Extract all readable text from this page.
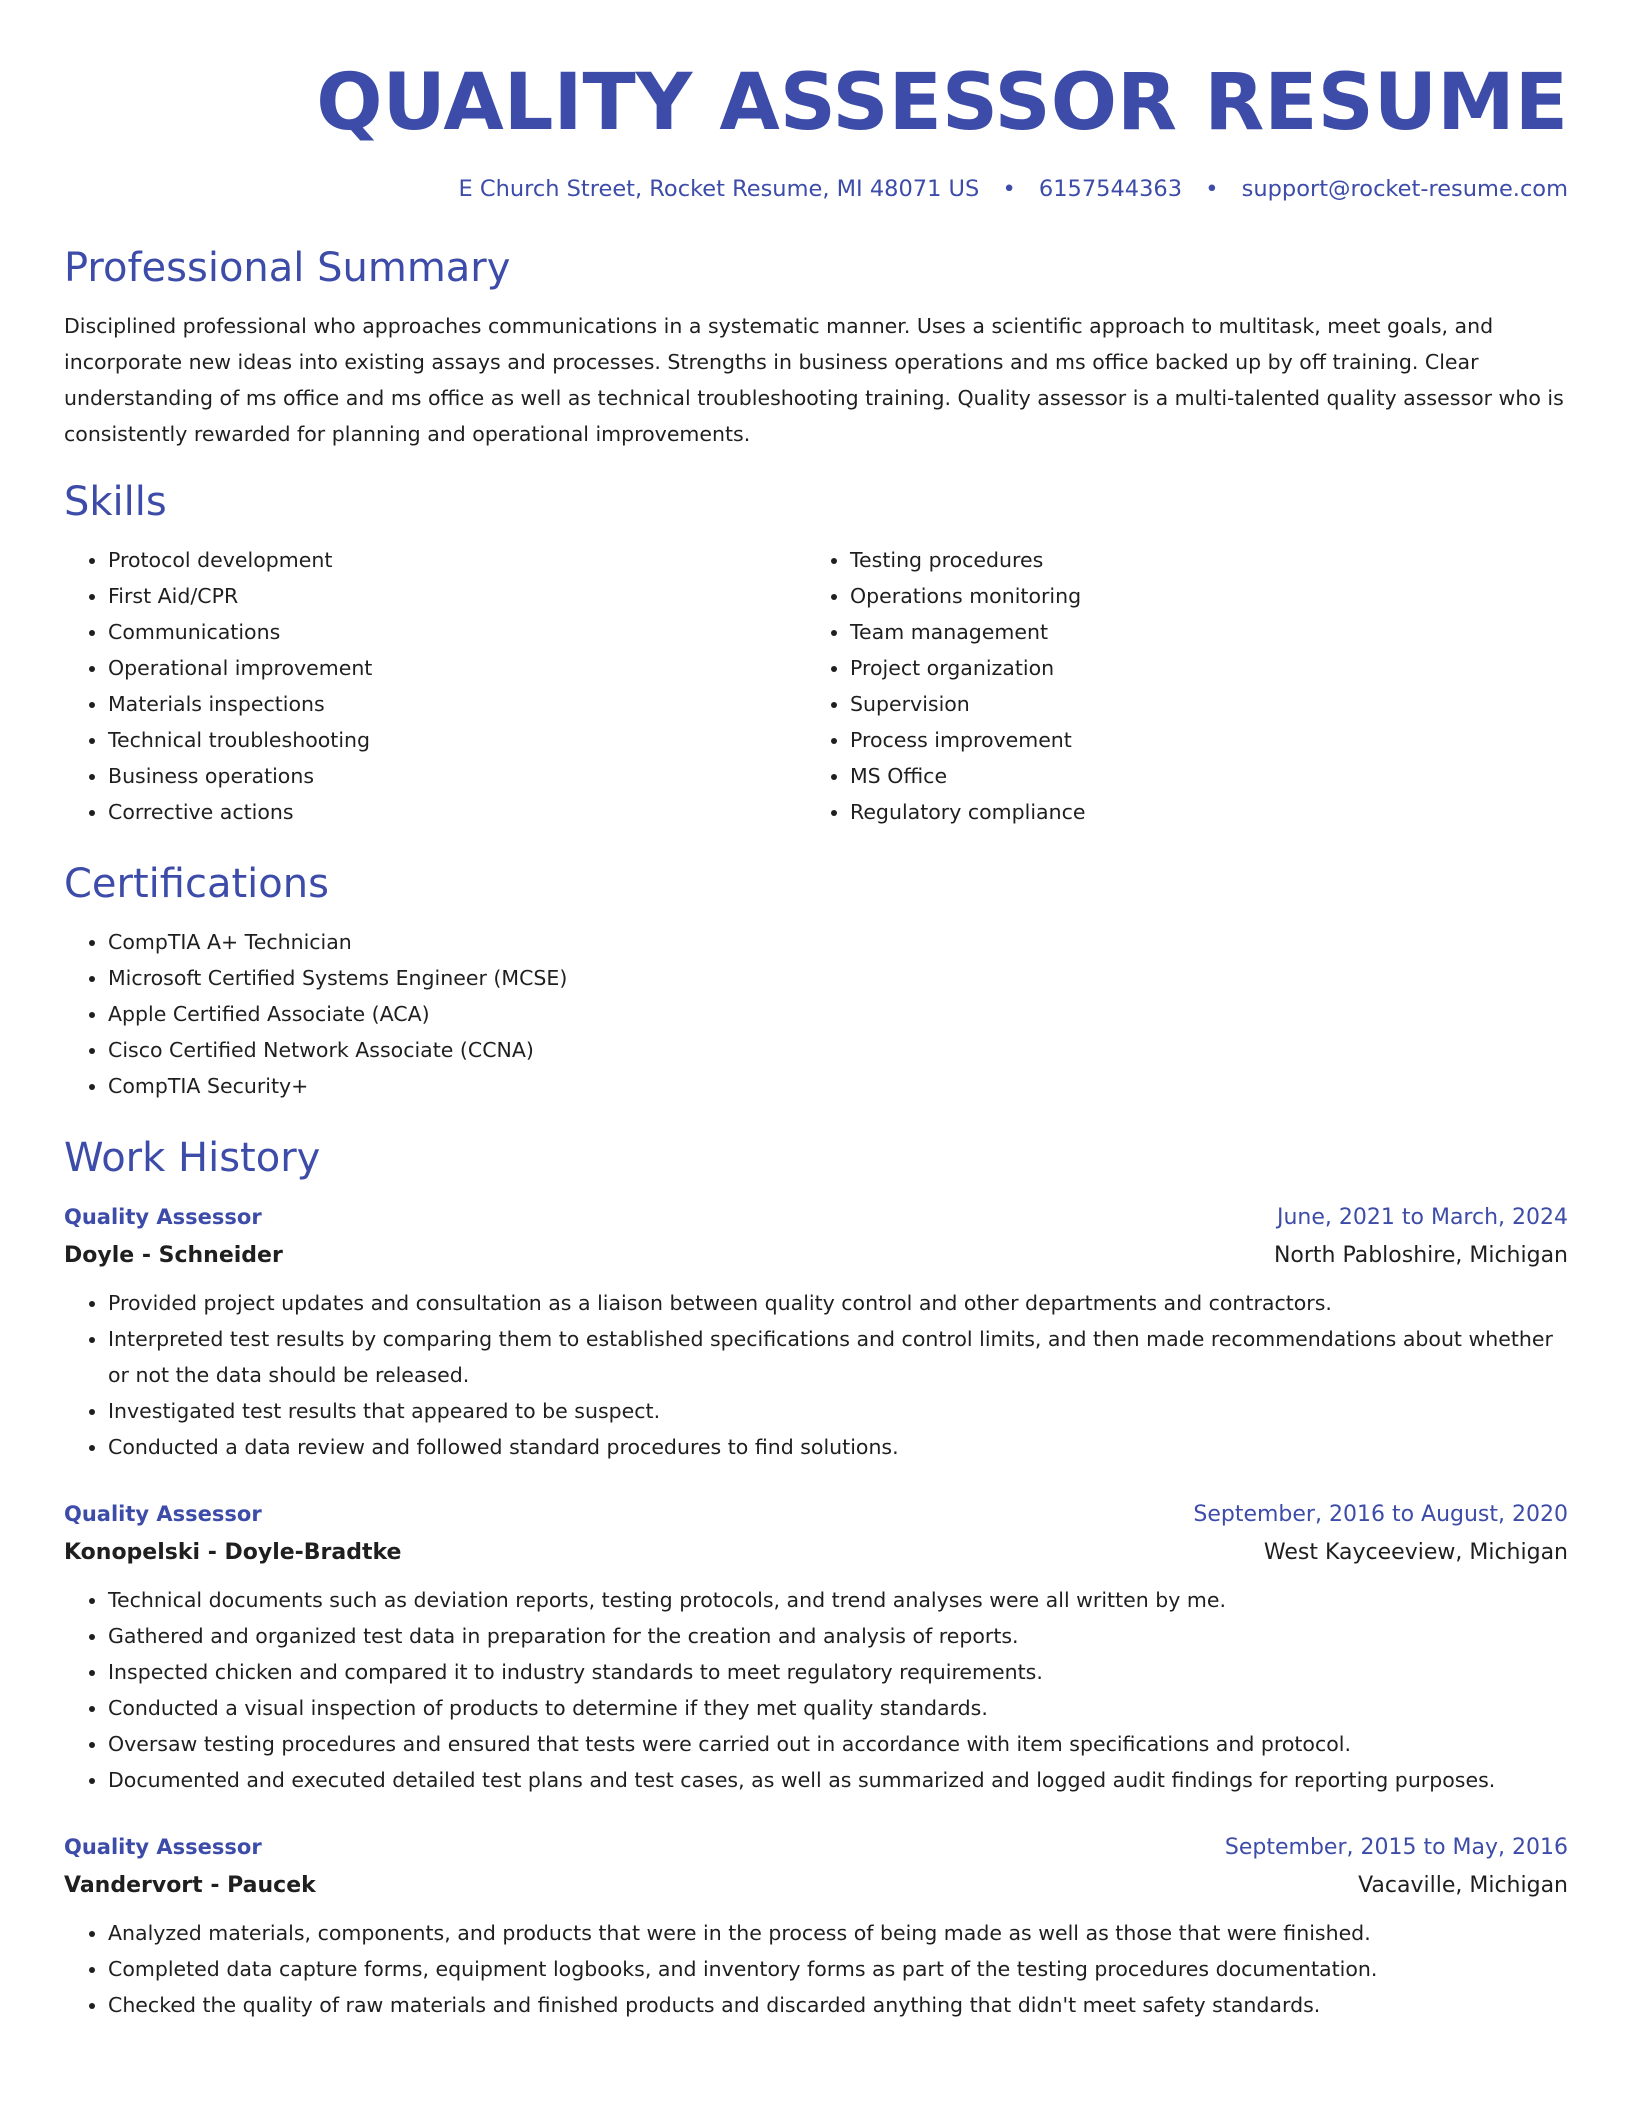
QUALITY ASSESSOR RESUME
E Church Street, Rocket Resume, MI 48071 US • 6157544363 • support@rocket-resume.com
Professional Summary

Disciplined professional who approaches communications in a systematic manner. Uses a scientific approach to multitask, meet goals, and incorporate new ideas into existing assays and processes. Strengths in business operations and ms office backed up by off training. Clear understanding of ms office and ms office as well as technical troubleshooting training. Quality assessor is a multi-talented quality assessor who is consistently rewarded for planning and operational improvements.

Skills
• Protocol development
• First Aid/CPR
• Communications
• Operational improvement
• Materials inspections
• Technical troubleshooting
• Business operations
• Corrective actions
• Testing procedures
• Operations monitoring
• Team management
• Project organization
• Supervision
• Process improvement
• MS Office
• Regulatory compliance
Certifications
• CompTIA A+ Technician
• Microsoft Certified Systems Engineer (MCSE)
• Apple Certified Associate (ACA)
• Cisco Certified Network Associate (CCNA)
• CompTIA Security+
Work History
Quality Assessor	June, 2021 to March, 2024
Doyle - Schneider	North Pabloshire, Michigan
• Provided project updates and consultation as a liaison between quality control and other departments and contractors.
• Interpreted test results by comparing them to established specifications and control limits, and then made recommendations about whether or not the data should be released.
• Investigated test results that appeared to be suspect.
• Conducted a data review and followed standard procedures to find solutions.
Quality Assessor	September, 2016 to August, 2020
Konopelski - Doyle-Bradtke	West Kayceeview, Michigan
• Technical documents such as deviation reports, testing protocols, and trend analyses were all written by me.
• Gathered and organized test data in preparation for the creation and analysis of reports.
• Inspected chicken and compared it to industry standards to meet regulatory requirements.
• Conducted a visual inspection of products to determine if they met quality standards.
• Oversaw testing procedures and ensured that tests were carried out in accordance with item specifications and protocol.
• Documented and executed detailed test plans and test cases, as well as summarized and logged audit findings for reporting purposes.
Quality Assessor	September, 2015 to May, 2016
Vandervort - Paucek	Vacaville, Michigan
• Analyzed materials, components, and products that were in the process of being made as well as those that were finished.
• Completed data capture forms, equipment logbooks, and inventory forms as part of the testing procedures documentation.
• Checked the quality of raw materials and finished products and discarded anything that didn't meet safety standards.
